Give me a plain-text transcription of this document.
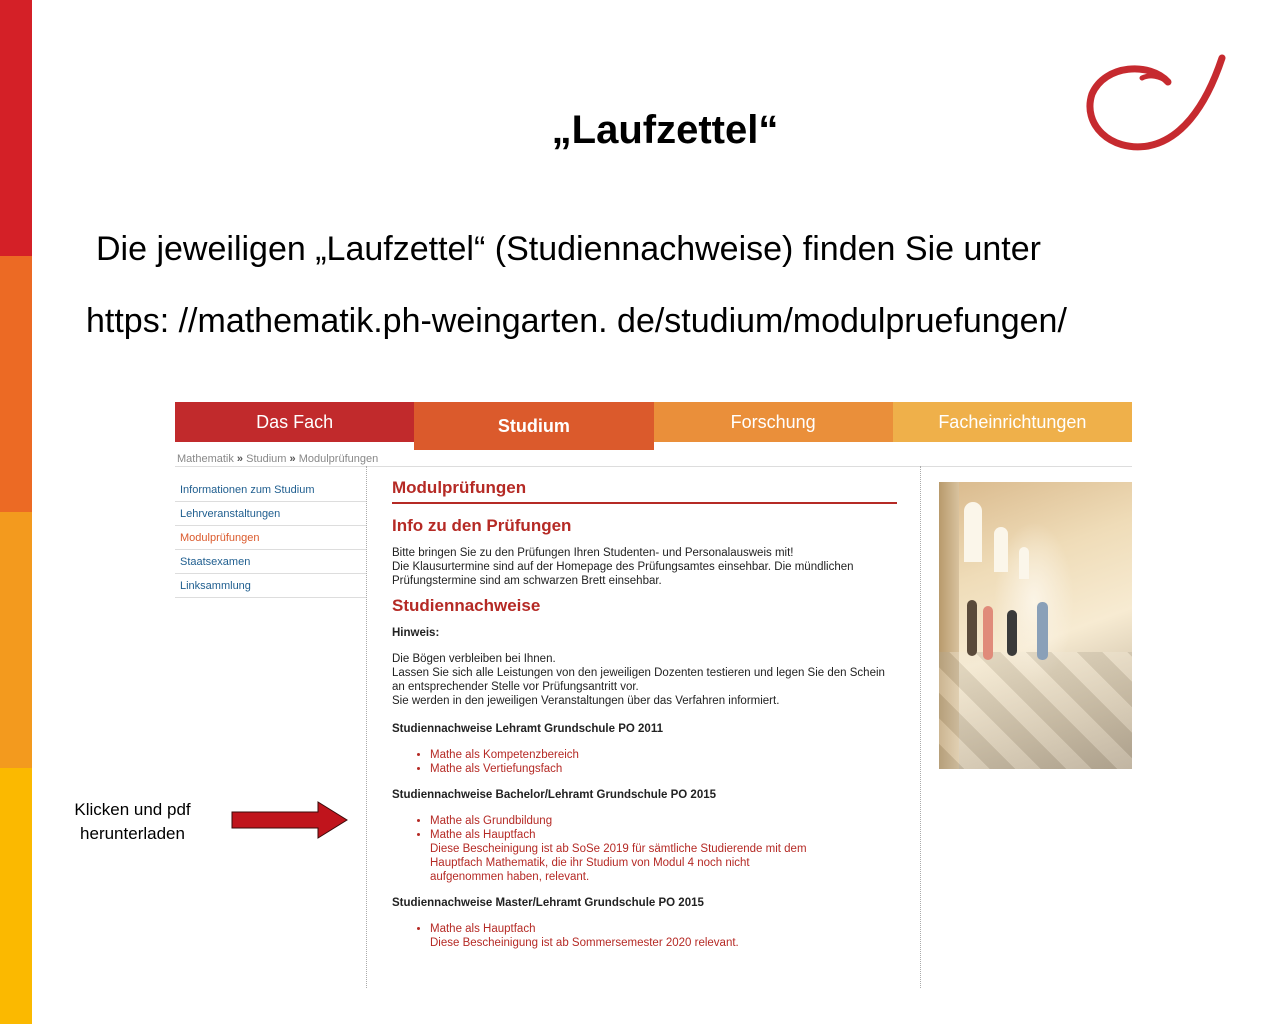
„Laufzettel“
Die jeweiligen „Laufzettel“ (Studiennachweise) finden Sie unter
https: //mathematik.ph-weingarten. de/studium/modulpruefungen/
Das Fach	Studium	Forschung	Facheinrichtungen
Mathematik » Studium » Modulprüfungen
Informationen zum Studium
Lehrveranstaltungen
Modulprüfungen
Staatsexamen
Linksammlung
Modulprüfungen
Info zu den Prüfungen
Bitte bringen Sie zu den Prüfungen Ihren Studenten- und Personalausweis mit!
Die Klausurtermine sind auf der Homepage des Prüfungsamtes einsehbar. Die mündlichen Prüfungstermine sind am schwarzen Brett einsehbar.
Studiennachweise
Hinweis:
Die Bögen verbleiben bei Ihnen.
Lassen Sie sich alle Leistungen von den jeweiligen Dozenten testieren und legen Sie den Schein an entsprechender Stelle vor Prüfungsantritt vor.
Sie werden in den jeweiligen Veranstaltungen über das Verfahren informiert.
Studiennachweise Lehramt Grundschule PO 2011
• Mathe als Kompetenzbereich
• Mathe als Vertiefungsfach
Studiennachweise Bachelor/Lehramt Grundschule PO 2015
• Mathe als Grundbildung
• Mathe als Hauptfach
Diese Bescheinigung ist ab SoSe 2019 für sämtliche Studierende mit dem Hauptfach Mathematik, die ihr Studium von Modul 4 noch nicht aufgenommen haben, relevant.
Studiennachweise Master/Lehramt Grundschule PO 2015
• Mathe als Hauptfach
Diese Bescheinigung ist ab Sommersemester 2020 relevant.
Klicken und pdf
herunterladen
